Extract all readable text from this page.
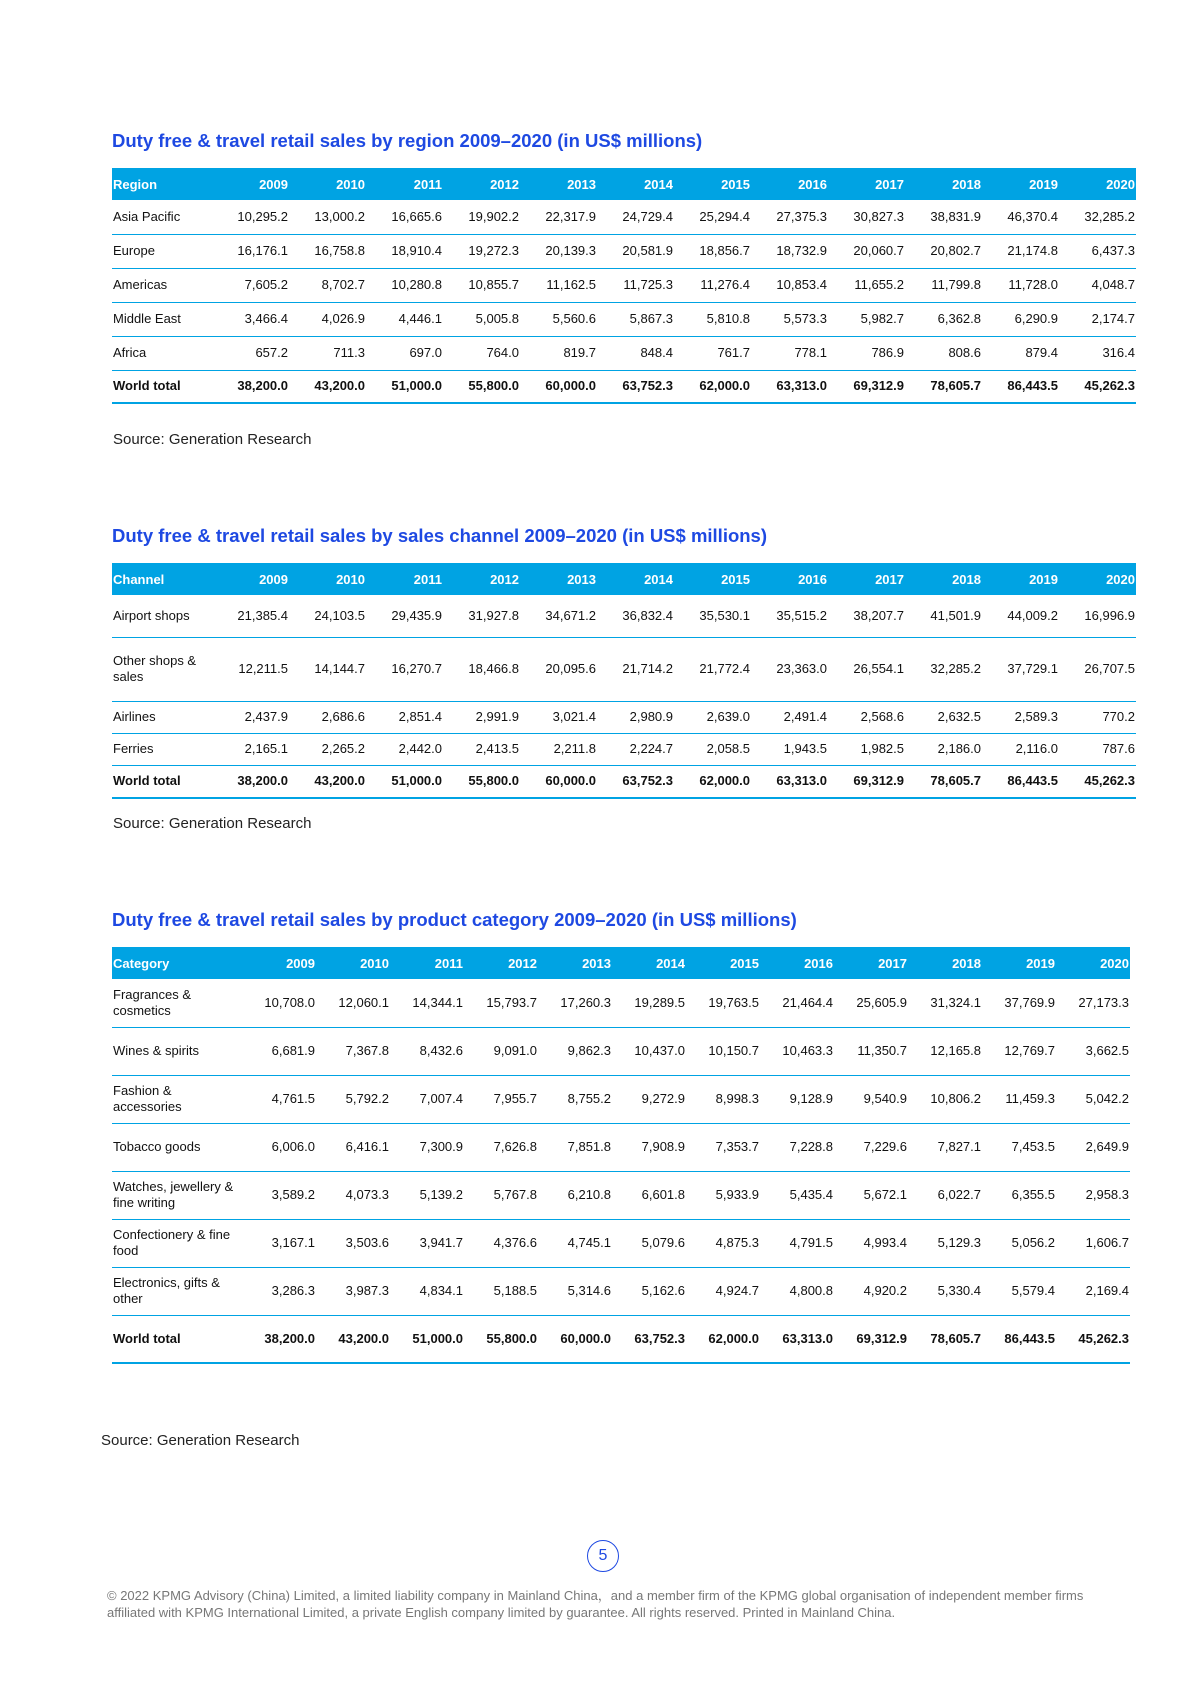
Duty free & travel retail sales by region 2009–2020 (in US$ millions)
Region	2009	2010	2011	2012	2013	2014	2015	2016	2017	2018	2019	2020
Asia Pacific	10,295.2	13,000.2	16,665.6	19,902.2	22,317.9	24,729.4	25,294.4	27,375.3	30,827.3	38,831.9	46,370.4	32,285.2
Europe	16,176.1	16,758.8	18,910.4	19,272.3	20,139.3	20,581.9	18,856.7	18,732.9	20,060.7	20,802.7	21,174.8	6,437.3
Americas	7,605.2	8,702.7	10,280.8	10,855.7	11,162.5	11,725.3	11,276.4	10,853.4	11,655.2	11,799.8	11,728.0	4,048.7
Middle East	3,466.4	4,026.9	4,446.1	5,005.8	5,560.6	5,867.3	5,810.8	5,573.3	5,982.7	6,362.8	6,290.9	2,174.7
Africa	657.2	711.3	697.0	764.0	819.7	848.4	761.7	778.1	786.9	808.6	879.4	316.4
World total	38,200.0	43,200.0	51,000.0	55,800.0	60,000.0	63,752.3	62,000.0	63,313.0	69,312.9	78,605.7	86,443.5	45,262.3
Source: Generation Research
Duty free & travel retail sales by sales channel 2009–2020 (in US$ millions)
Channel	2009	2010	2011	2012	2013	2014	2015	2016	2017	2018	2019	2020
Airport shops	21,385.4	24,103.5	29,435.9	31,927.8	34,671.2	36,832.4	35,530.1	35,515.2	38,207.7	41,501.9	44,009.2	16,996.9
Other shops & sales	12,211.5	14,144.7	16,270.7	18,466.8	20,095.6	21,714.2	21,772.4	23,363.0	26,554.1	32,285.2	37,729.1	26,707.5
Airlines	2,437.9	2,686.6	2,851.4	2,991.9	3,021.4	2,980.9	2,639.0	2,491.4	2,568.6	2,632.5	2,589.3	770.2
Ferries	2,165.1	2,265.2	2,442.0	2,413.5	2,211.8	2,224.7	2,058.5	1,943.5	1,982.5	2,186.0	2,116.0	787.6
World total	38,200.0	43,200.0	51,000.0	55,800.0	60,000.0	63,752.3	62,000.0	63,313.0	69,312.9	78,605.7	86,443.5	45,262.3
Source: Generation Research
Duty free & travel retail sales by product category 2009–2020 (in US$ millions)
Category	2009	2010	2011	2012	2013	2014	2015	2016	2017	2018	2019	2020
Fragrances & cosmetics	10,708.0	12,060.1	14,344.1	15,793.7	17,260.3	19,289.5	19,763.5	21,464.4	25,605.9	31,324.1	37,769.9	27,173.3
Wines & spirits	6,681.9	7,367.8	8,432.6	9,091.0	9,862.3	10,437.0	10,150.7	10,463.3	11,350.7	12,165.8	12,769.7	3,662.5
Fashion & accessories	4,761.5	5,792.2	7,007.4	7,955.7	8,755.2	9,272.9	8,998.3	9,128.9	9,540.9	10,806.2	11,459.3	5,042.2
Tobacco goods	6,006.0	6,416.1	7,300.9	7,626.8	7,851.8	7,908.9	7,353.7	7,228.8	7,229.6	7,827.1	7,453.5	2,649.9
Watches, jewellery & fine writing	3,589.2	4,073.3	5,139.2	5,767.8	6,210.8	6,601.8	5,933.9	5,435.4	5,672.1	6,022.7	6,355.5	2,958.3
Confectionery & fine food	3,167.1	3,503.6	3,941.7	4,376.6	4,745.1	5,079.6	4,875.3	4,791.5	4,993.4	5,129.3	5,056.2	1,606.7
Electronics, gifts & other	3,286.3	3,987.3	4,834.1	5,188.5	5,314.6	5,162.6	4,924.7	4,800.8	4,920.2	5,330.4	5,579.4	2,169.4
World total	38,200.0	43,200.0	51,000.0	55,800.0	60,000.0	63,752.3	62,000.0	63,313.0	69,312.9	78,605.7	86,443.5	45,262.3
Source: Generation Research
5
© 2022 KPMG Advisory (China) Limited, a limited liability company in Mainland China，and a member firm of the KPMG global organisation of independent member firms affiliated with KPMG International Limited, a private English company limited by guarantee. All rights reserved. Printed in Mainland China.
